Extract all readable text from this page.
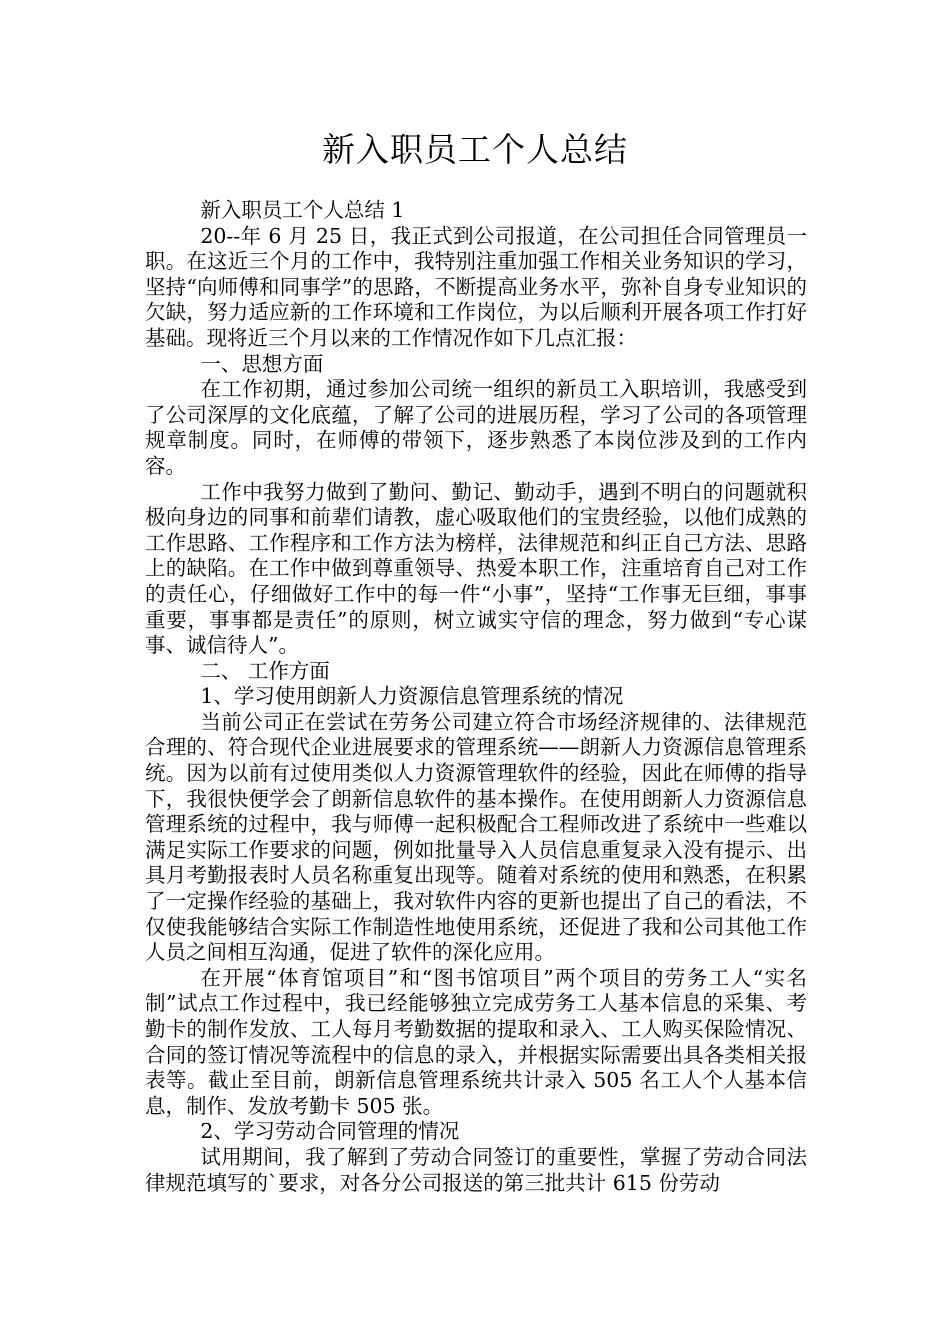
新入职员工个人总结

新入职员工个人总结 1

20--年 6 月 25 日，我正式到公司报道，在公司担任合同管理员一职。在这近三个月的工作中，我特别注重加强工作相关业务知识的学习，坚持“向师傅和同事学”的思路，不断提高业务水平，弥补自身专业知识的欠缺，努力适应新的工作环境和工作岗位，为以后顺利开展各项工作打好基础。现将近三个月以来的工作情况作如下几点汇报：

一、思想方面

在工作初期，通过参加公司统一组织的新员工入职培训，我感受到了公司深厚的文化底蕴，了解了公司的进展历程，学习了公司的各项管理规章制度。同时，在师傅的带领下，逐步熟悉了本岗位涉及到的工作内容。

工作中我努力做到了勤问、勤记、勤动手，遇到不明白的问题就积极向身边的同事和前辈们请教，虚心吸取他们的宝贵经验，以他们成熟的工作思路、工作程序和工作方法为榜样，法律规范和纠正自己方法、思路上的缺陷。在工作中做到尊重领导、热爱本职工作，注重培育自己对工作的责任心，仔细做好工作中的每一件“小事”，坚持“工作事无巨细，事事重要，事事都是责任”的原则，树立诚实守信的理念，努力做到“专心谋事、诚信待人”。

二、 工作方面

1、学习使用朗新人力资源信息管理系统的情况

当前公司正在尝试在劳务公司建立符合市场经济规律的、法律规范合理的、符合现代企业进展要求的管理系统——朗新人力资源信息管理系统。因为以前有过使用类似人力资源管理软件的经验，因此在师傅的指导下，我很快便学会了朗新信息软件的基本操作。在使用朗新人力资源信息管理系统的过程中，我与师傅一起积极配合工程师改进了系统中一些难以满足实际工作要求的问题，例如批量导入人员信息重复录入没有提示、出具月考勤报表时人员名称重复出现等。随着对系统的使用和熟悉，在积累了一定操作经验的基础上，我对软件内容的更新也提出了自己的看法，不仅使我能够结合实际工作制造性地使用系统，还促进了我和公司其他工作人员之间相互沟通，促进了软件的深化应用。

在开展“体育馆项目”和“图书馆项目”两个项目的劳务工人“实名制”试点工作过程中，我已经能够独立完成劳务工人基本信息的采集、考勤卡的制作发放、工人每月考勤数据的提取和录入、工人购买保险情况、合同的签订情况等流程中的信息的录入，并根据实际需要出具各类相关报表等。截止至目前，朗新信息管理系统共计录入 505 名工人个人基本信息，制作、发放考勤卡 505 张。

2、学习劳动合同管理的情况

试用期间，我了解到了劳动合同签订的重要性，掌握了劳动合同法律规范填写的`要求，对各分公司报送的第三批共计 615 份劳动
